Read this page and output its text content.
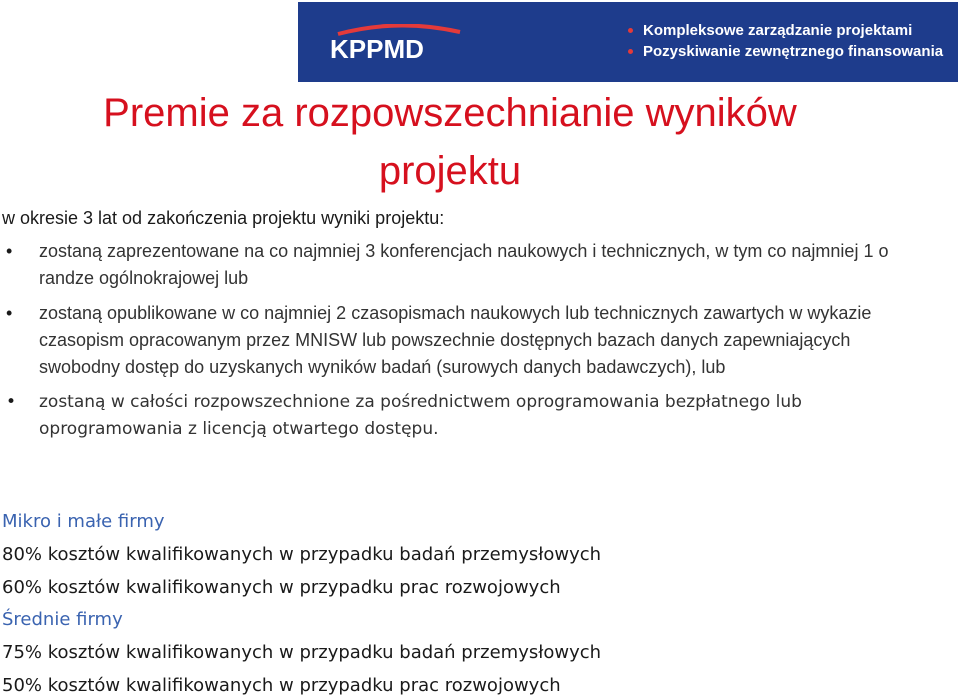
KPPMD
Kompleksowe zarządzanie projektami
Pozyskiwanie zewnętrznego finansowania
Premie za rozpowszechnianie wyników
projektu
w okresie 3 lat od zakończenia projektu wyniki projektu:
• zostaną zaprezentowane na co najmniej 3 konferencjach naukowych i technicznych, w tym co najmniej 1 o randze ogólnokrajowej lub
• zostaną opublikowane w co najmniej 2 czasopismach naukowych lub technicznych zawartych w wykazie czasopism opracowanym przez MNISW lub powszechnie dostępnych bazach danych zapewniających swobodny dostęp do uzyskanych wyników badań (surowych danych badawczych), lub
• zostaną w całości rozpowszechnione za pośrednictwem oprogramowania bezpłatnego lub oprogramowania z licencją otwartego dostępu.
Mikro i małe firmy
80% kosztów kwalifikowanych w przypadku badań przemysłowych
60% kosztów kwalifikowanych w przypadku prac rozwojowych
Średnie firmy
75% kosztów kwalifikowanych w przypadku badań przemysłowych
50% kosztów kwalifikowanych w przypadku prac rozwojowych
